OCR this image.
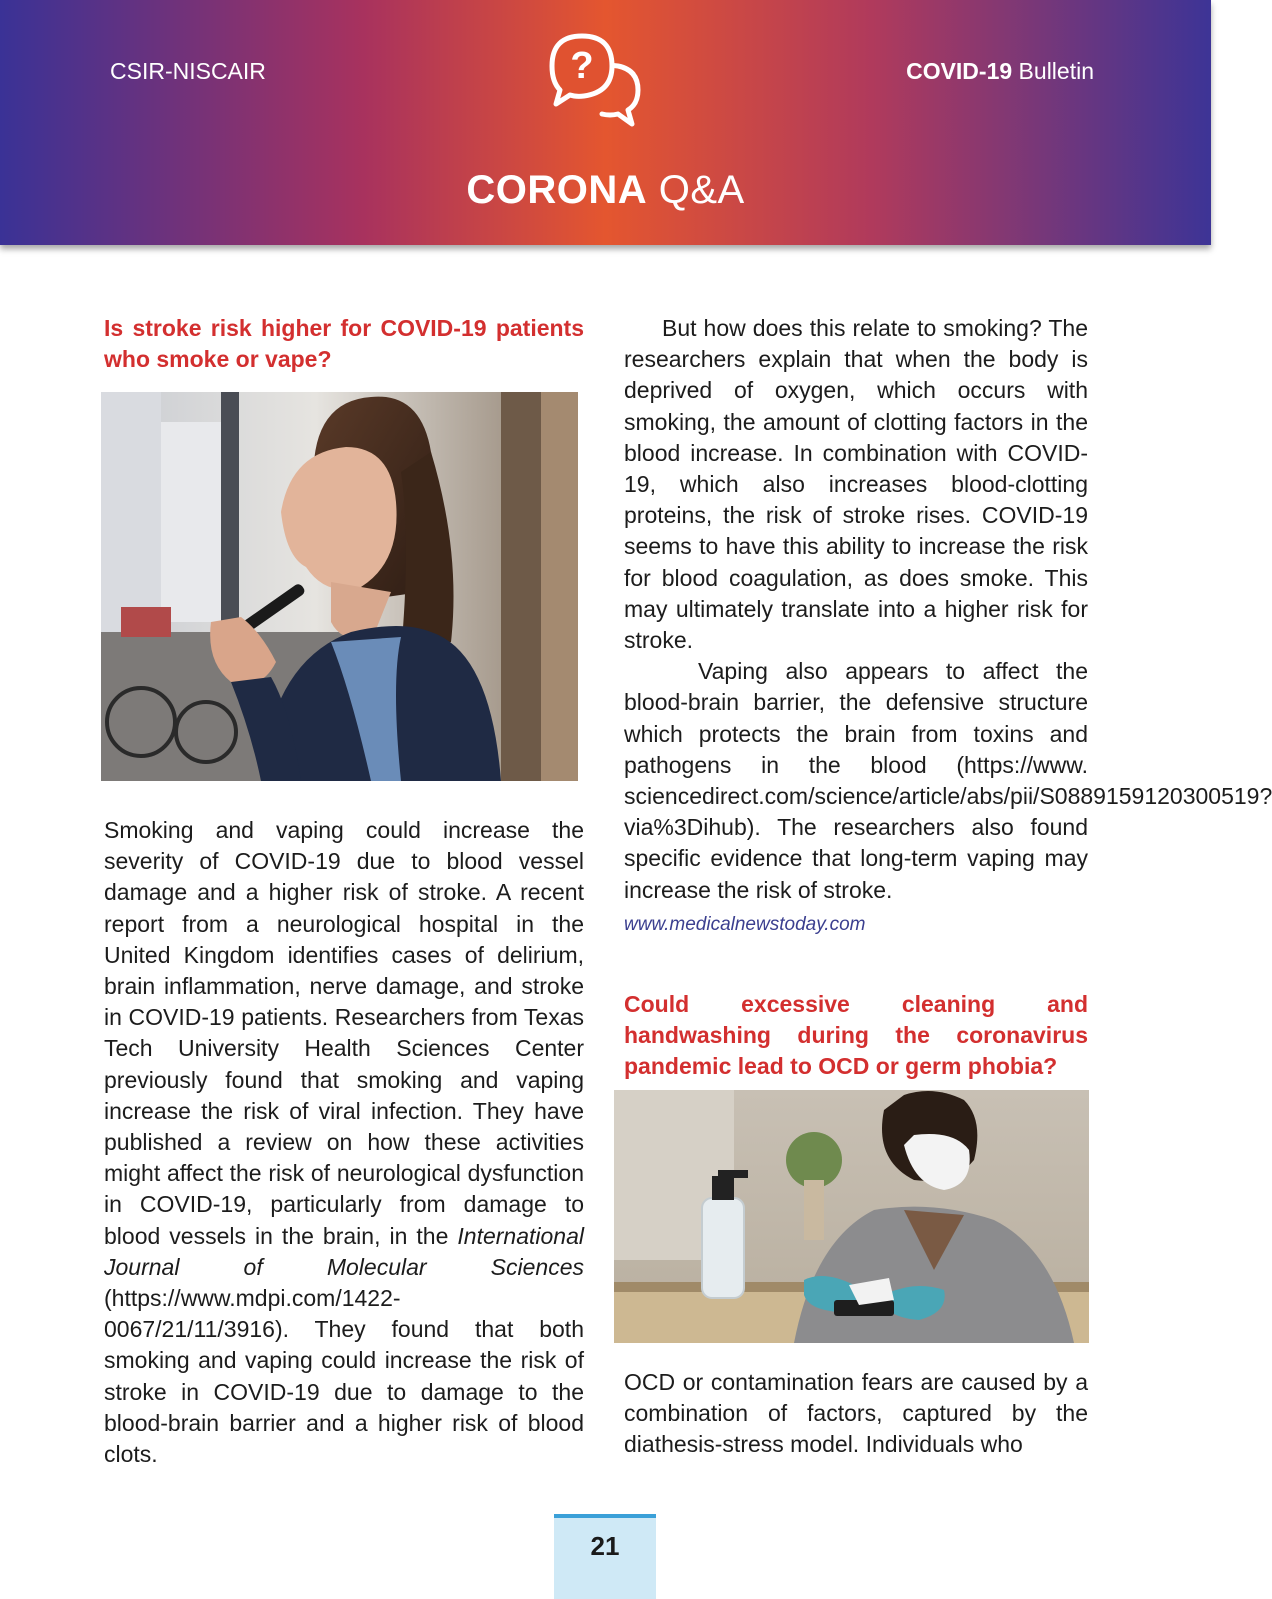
CSIR-NISCAIR	?	COVID-19 Bulletin
CORONA Q&A

Is stroke risk higher for COVID-19 patients who smoke or vape?

Smoking and vaping could increase the severity of COVID-19 due to blood vessel damage and a higher risk of stroke. A recent report from a neurological hospital in the United Kingdom identifies cases of delirium, brain inflammation, nerve damage, and stroke in COVID-19 patients. Researchers from Texas Tech University Health Sciences Center previously found that smoking and vaping increase the risk of viral infection. They have published a review on how these activities might affect the risk of neurological dysfunction in COVID-19, particularly from damage to blood vessels in the brain, in the International Journal of Molecular Sciences (https://www.mdpi.com/1422-0067/21/11/3916). They found that both smoking and vaping could increase the risk of stroke in COVID-19 due to damage to the blood-brain barrier and a higher risk of blood clots.

But how does this relate to smoking? The researchers explain that when the body is deprived of oxygen, which occurs with smoking, the amount of clotting factors in the blood increase. In combination with COVID-19, which also increases blood-clotting proteins, the risk of stroke rises. COVID-19 seems to have this ability to increase the risk for blood coagulation, as does smoke. This may ultimately translate into a higher risk for stroke.

Vaping also appears to affect the blood-brain barrier, the defensive structure which protects the brain from toxins and pathogens in the blood (https://www. sciencedirect.com/science/article/abs/pii/S0889159120300519?via%3Dihub). The researchers also found specific evidence that long-term vaping may increase the risk of stroke.

www.medicalnewstoday.com

Could excessive cleaning and handwashing during the coronavirus pandemic lead to OCD or germ phobia?

OCD or contamination fears are caused by a combination of factors, captured by the diathesis-stress model. Individuals who

21
